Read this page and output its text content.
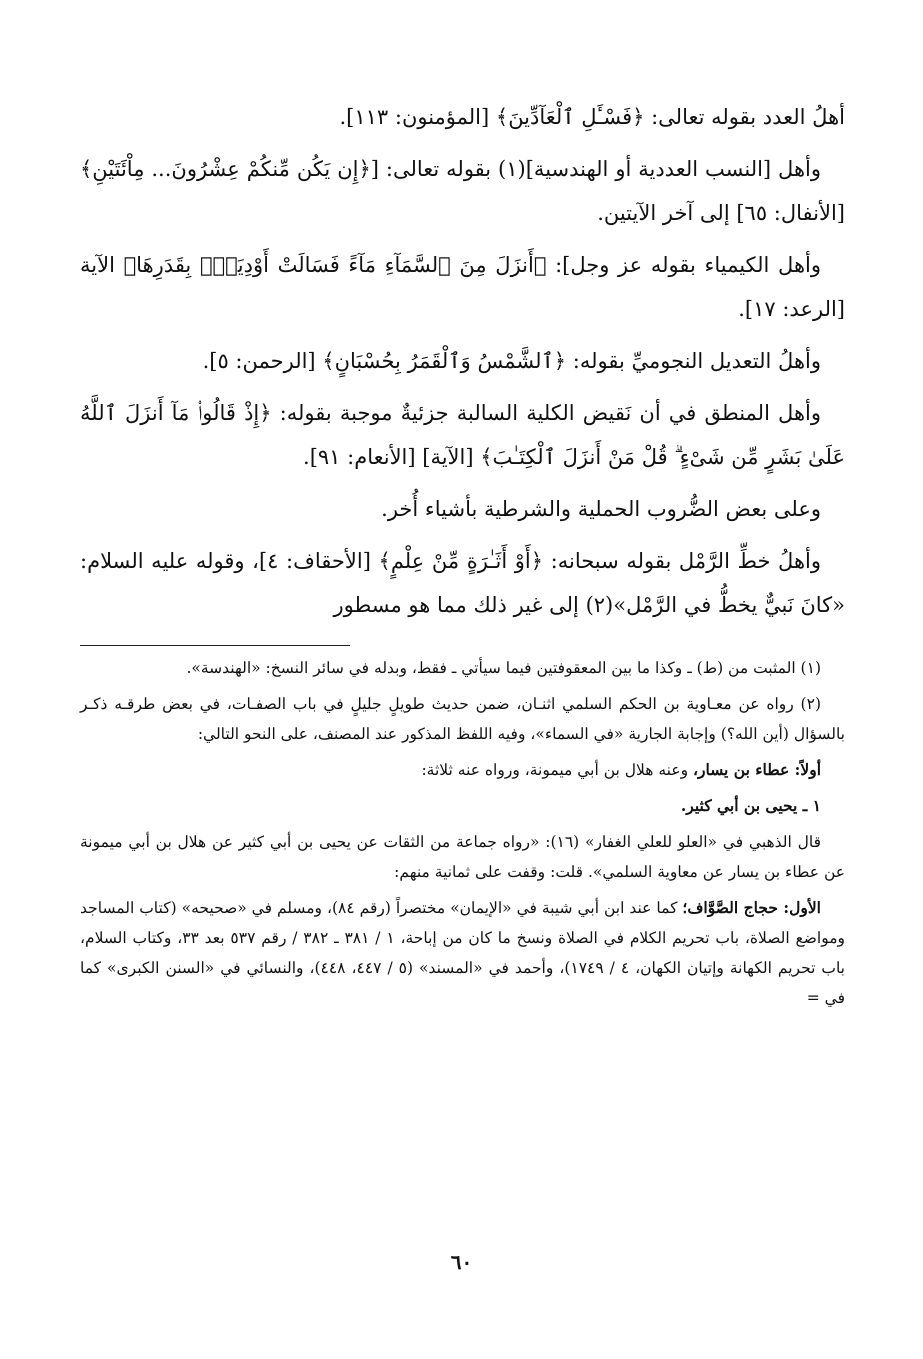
أهلُ العدد بقوله تعالى: ﴿فَسْـَٔلِ ٱلْعَآدِّينَ﴾ [المؤمنون: ١١٣].

وأهل [النسب العددية أو الهندسية](١) بقوله تعالى: [﴿إِن يَكُن مِّنكُمْ عِشْرُونَ... مِاْئَتَيْنِ﴾ [الأنفال: ٦٥] إلى آخر الآيتين.

وأهل الكيمياء بقوله عز وجل]: ﴿أَنزَلَ مِنَ ٱلسَّمَآءِ مَآءً فَسَالَتْ أَوْدِيَةٌۢ بِقَدَرِهَا﴾ الآية [الرعد: ١٧].

وأهلُ التعديل النجوميِّ بقوله: ﴿ٱلشَّمْسُ وَٱلْقَمَرُ بِحُسْبَانٍ﴾ [الرحمن: ٥].

وأهل المنطق في أن نَقيض الكلية السالبة جزئيةٌ موجبة بقوله: ﴿إِذْ قَالُوا۟ مَآ أَنزَلَ ٱللَّهُ عَلَىٰ بَشَرٍ مِّن شَىْءٍ ۗ قُلْ مَنْ أَنزَلَ ٱلْكِتَـٰبَ﴾ [الآية] [الأنعام: ٩١].

وعلى بعض الضُّروب الحملية والشرطية بأشياء أُخر.

وأهلُ خطِّ الرَّمْل بقوله سبحانه: ﴿أَوْ أَثَـٰرَةٍ مِّنْ عِلْمٍ﴾ [الأحقاف: ٤]، وقوله عليه السلام: «كانَ نَبيٌّ يخطُّ في الرَّمْل»(٢) إلى غير ذلك مما هو مسطور

(١) المثبت من (ط) ـ وكذا ما بين المعقوفتين فيما سيأتي ـ فقط، وبدله في سائر النسخ: «الهندسة».

(٢) رواه عن معـاوية بن الحكم السلمي اثنـان، ضمن حديث طويلٍ جليلٍ في باب الصفـات، في بعض طرقـه ذكـر بالسؤال (أين الله؟) وإجابة الجارية «في السماء»، وفيه اللفظ المذكور عند المصنف، على النحو التالي:

أولاً: عطاء بن يسار، وعنه هلال بن أبي ميمونة، ورواه عنه ثلاثة:

١ ـ يحيى بن أبي كثير.

قال الذهبي في «العلو للعلي الغفار» (١٦): «رواه جماعة من الثقات عن يحيى بن أبي كثير عن هلال بن أبي ميمونة عن عطاء بن يسار عن معاوية السلمي». قلت: وقفت على ثمانية منهم:

الأول: حجاج الصَّوَّاف؛ كما عند ابن أبي شيبة في «الإيمان» مختصراً (رقم ٨٤)، ومسلم في «صحيحه» (كتاب المساجد ومواضع الصلاة، باب تحريم الكلام في الصلاة ونسخ ما كان من إباحة، ١ / ٣٨١ ـ ٣٨٢ / رقم ٥٣٧ بعد ٣٣، وكتاب السلام، باب تحريم الكهانة وإتيان الكهان، ٤ / ١٧٤٩)، وأحمد في «المسند» (٥ / ٤٤٧، ٤٤٨)، والنسائي في «السنن الكبرى» كما في =

٦٠
